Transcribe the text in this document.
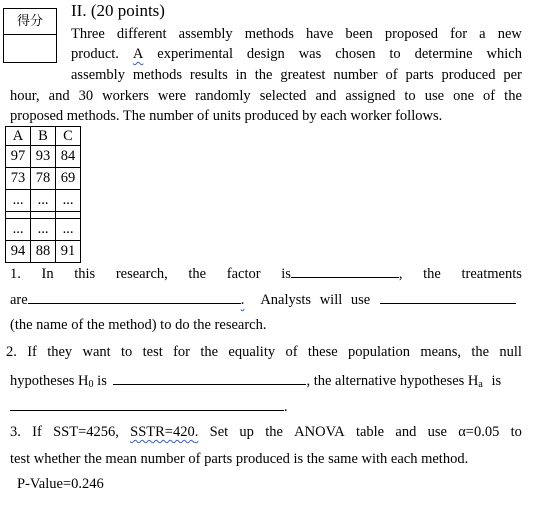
得分
II. (20 points)
Three different assembly methods have been proposed for a new
product. A experimental design was chosen to determine which
assembly methods results in the greatest number of parts produced per
hour, and 30 workers were randomly selected and assigned to use one of the
proposed methods. The number of units produced by each worker follows.
A	B	C
97	93	84
73	78	69
...	...	...

...	...	...
94	88	91
1. In this research, the factor is	, the treatments
are	. Analysts will use
(the name of the method) to do the research.
2. If they want to test for the equality of these population means, the null
hypotheses $H_0$ is	, the alternative hypotheses $H_a$ is
.
3. If SST=4256, SSTR=420. Set up the ANOVA table and use α=0.05 to
test whether the mean number of parts produced is the same with each method.
P-Value=0.246
